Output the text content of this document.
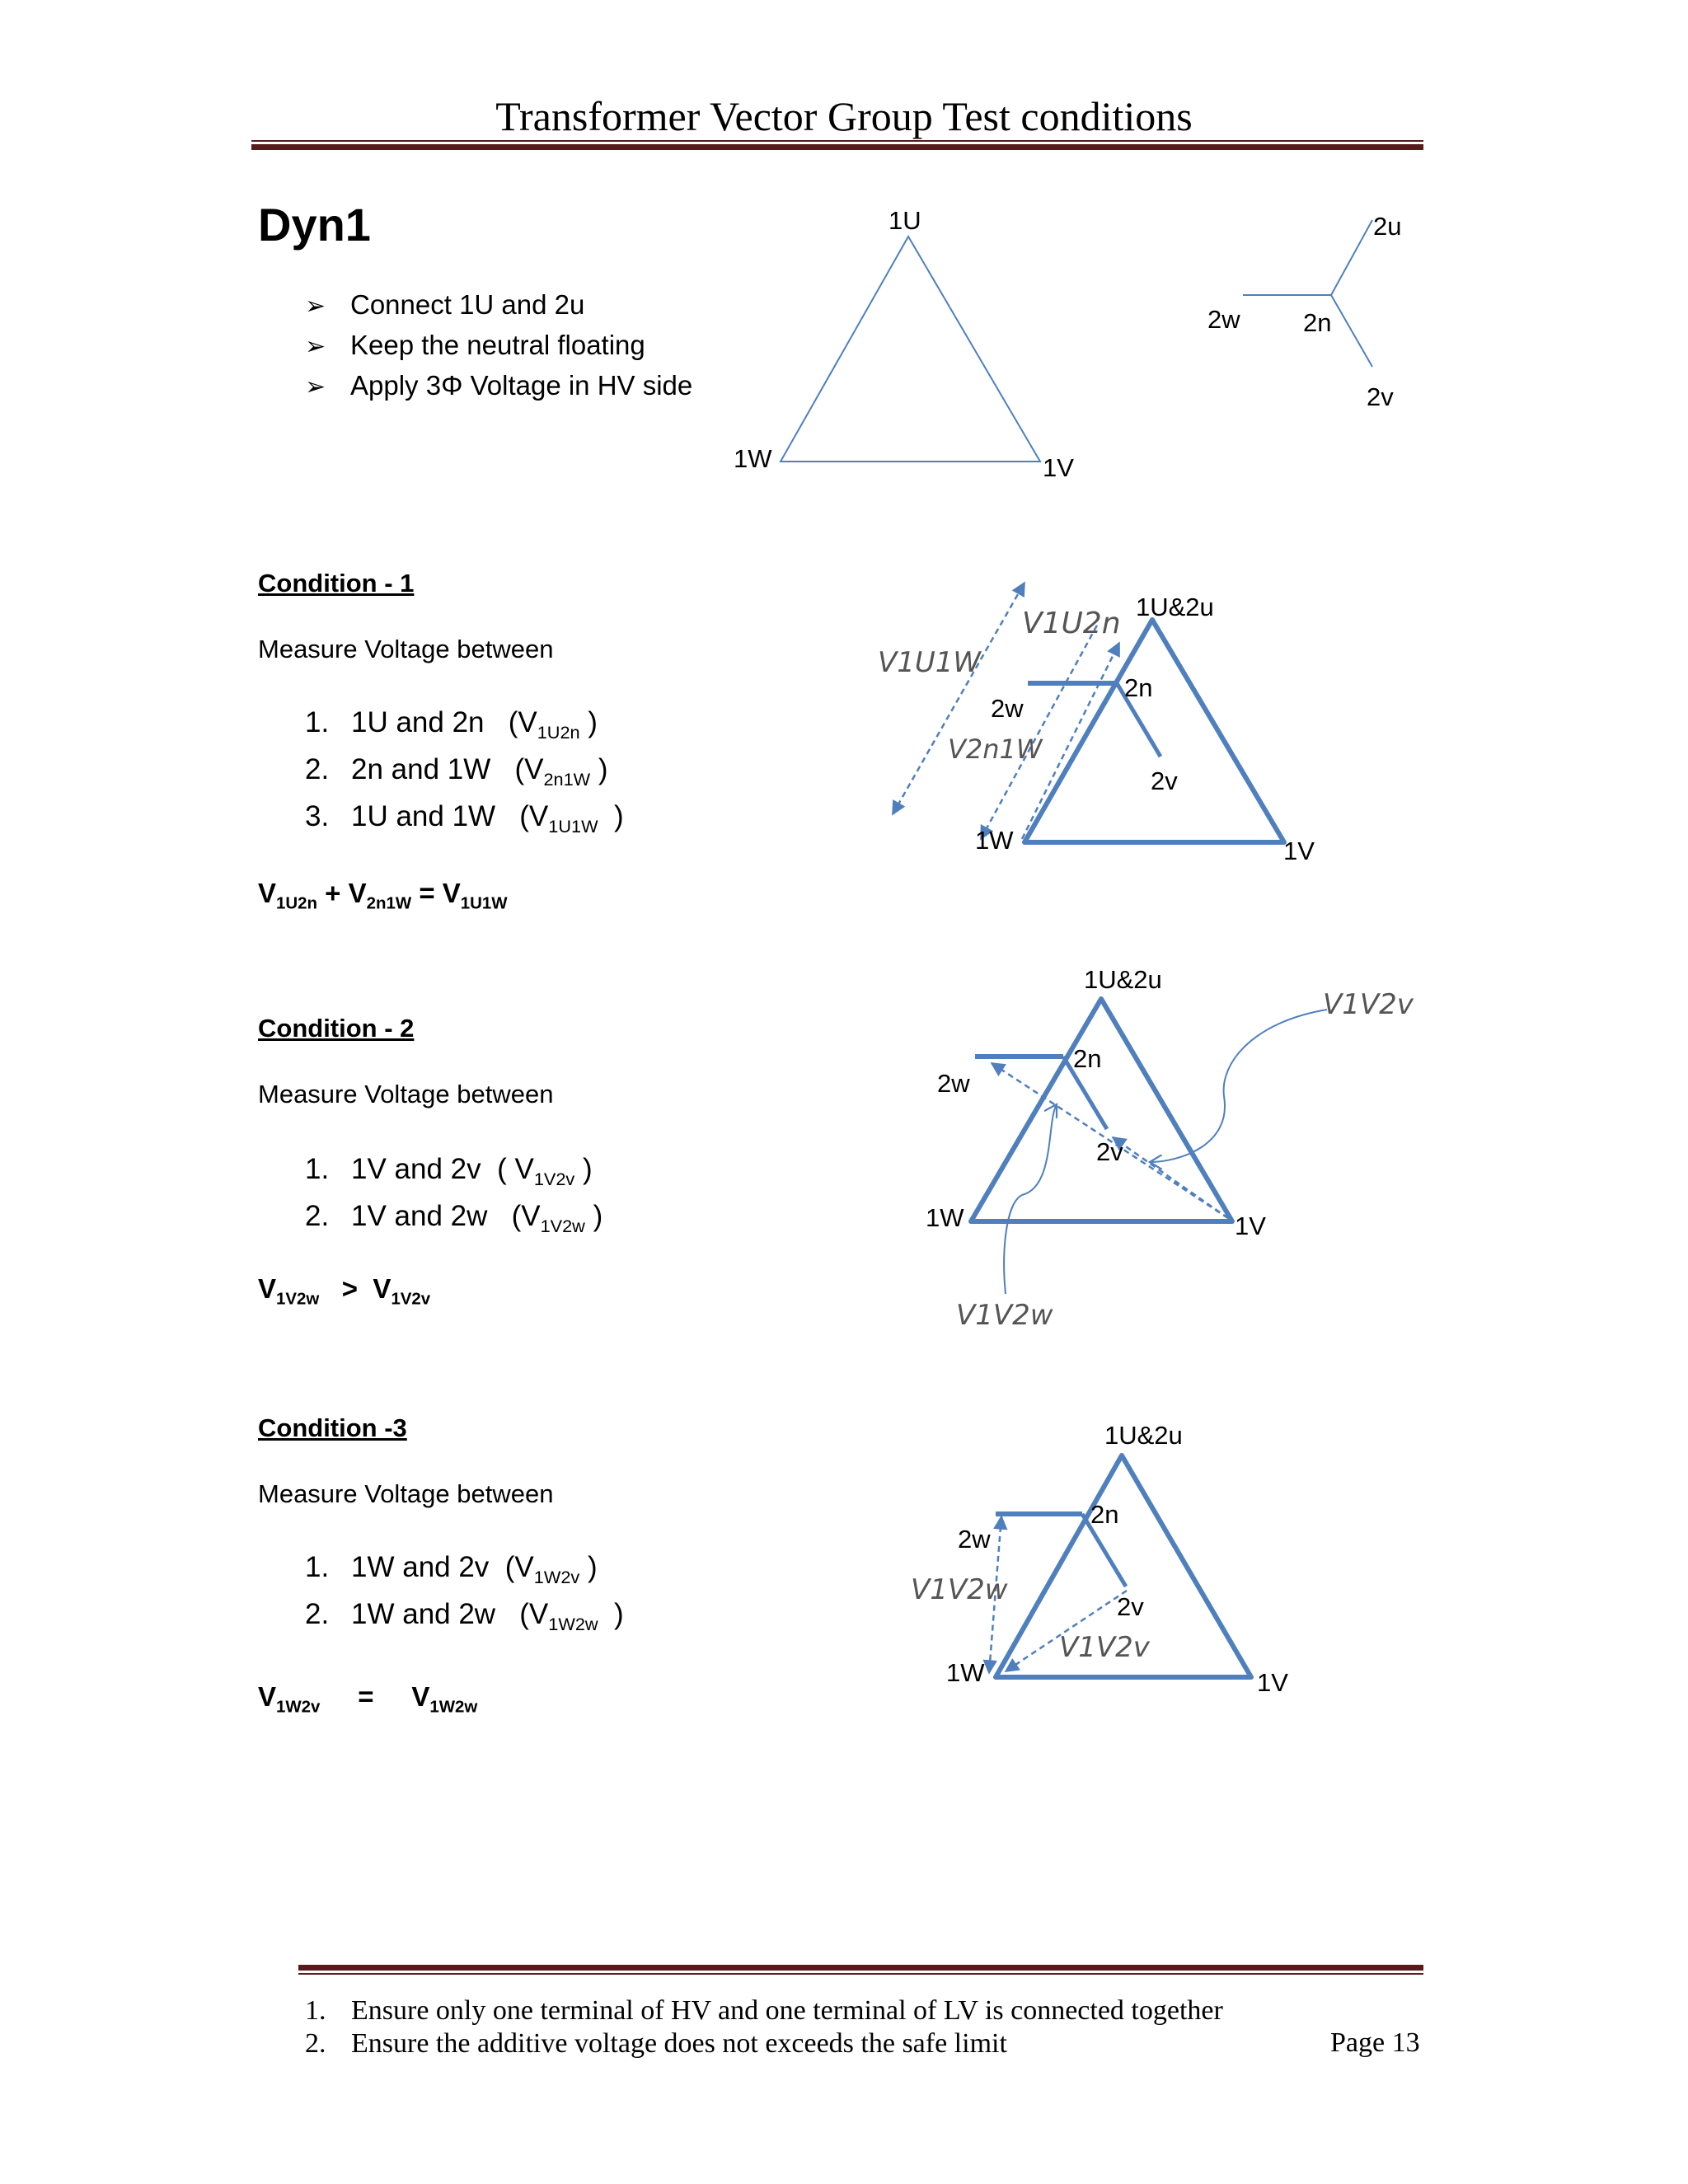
Transformer Vector Group Test conditions
Dyn1
➢ Connect 1U and 2u
➢ Keep the neutral floating
➢ Apply 3Φ Voltage in HV side
Condition - 1
Measure Voltage between
1. 1U and 2n   ($V_{1U2n}$ )
2. 2n and 1W   ($V_{2n1W}$ )
3. 1U and 1W   ($V_{1U1W}$  )
$V_{1U2n} + V_{2n1W} = V_{1U1W}$
Condition - 2
Measure Voltage between
1. 1V and 2v  ( $V_{1V2v}$ )
2. 1V and 2w   ($V_{1V2w}$ )
$V_{1V2w} > V_{1V2v}$
Condition -3
Measure Voltage between
1. 1W and 2v  ($V_{1W2v}$ )
2. 1W and 2w   ($V_{1W2w}$  )
$V_{1W2v} = V_{1W2w}$
1U
1W	1V
2u
2w 2n
2v
1U&2u
2n
2w
2v
1W	1V
V1U2n
V2n1W
V1U1W
1U&2u
2n
2w
2v
1W	1V
V1V2v
V1V2w
1U&2u
2n
2w
2v
1W	1V
V1V2w
V1V2v
1. Ensure only one terminal of HV and one terminal of LV is connected together
2. Ensure the additive voltage does not exceeds the safe limit	Page 13
